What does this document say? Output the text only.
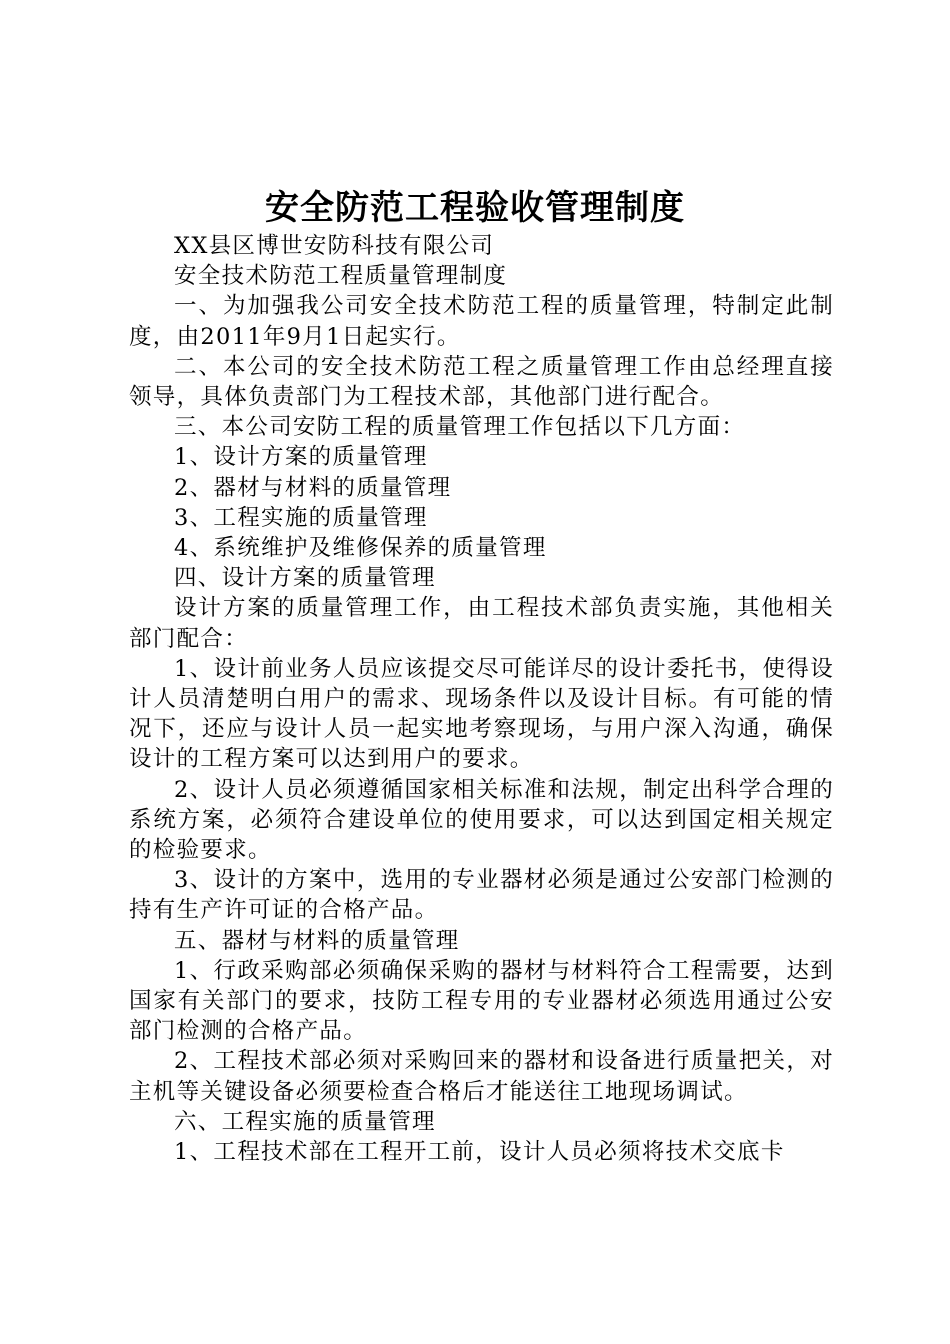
安全防范工程验收管理制度

XX县区博世安防科技有限公司

安全技术防范工程质量管理制度

一、为加强我公司安全技术防范工程的质量管理，特制定此制度，由2011年9月1日起实行。

二、本公司的安全技术防范工程之质量管理工作由总经理直接领导，具体负责部门为工程技术部，其他部门进行配合。

三、本公司安防工程的质量管理工作包括以下几方面：

1、设计方案的质量管理

2、器材与材料的质量管理

3、工程实施的质量管理

4、系统维护及维修保养的质量管理

四、设计方案的质量管理

设计方案的质量管理工作，由工程技术部负责实施，其他相关部门配合：

1、设计前业务人员应该提交尽可能详尽的设计委托书，使得设计人员清楚明白用户的需求、现场条件以及设计目标。有可能的情况下，还应与设计人员一起实地考察现场，与用户深入沟通，确保设计的工程方案可以达到用户的要求。

2、设计人员必须遵循国家相关标准和法规，制定出科学合理的系统方案，必须符合建设单位的使用要求，可以达到国定相关规定的检验要求。

3、设计的方案中，选用的专业器材必须是通过公安部门检测的持有生产许可证的合格产品。

五、器材与材料的质量管理

1、行政采购部必须确保采购的器材与材料符合工程需要，达到国家有关部门的要求，技防工程专用的专业器材必须选用通过公安部门检测的合格产品。

2、工程技术部必须对采购回来的器材和设备进行质量把关，对主机等关键设备必须要检查合格后才能送往工地现场调试。

六、工程实施的质量管理

1、工程技术部在工程开工前，设计人员必须将技术交底卡
